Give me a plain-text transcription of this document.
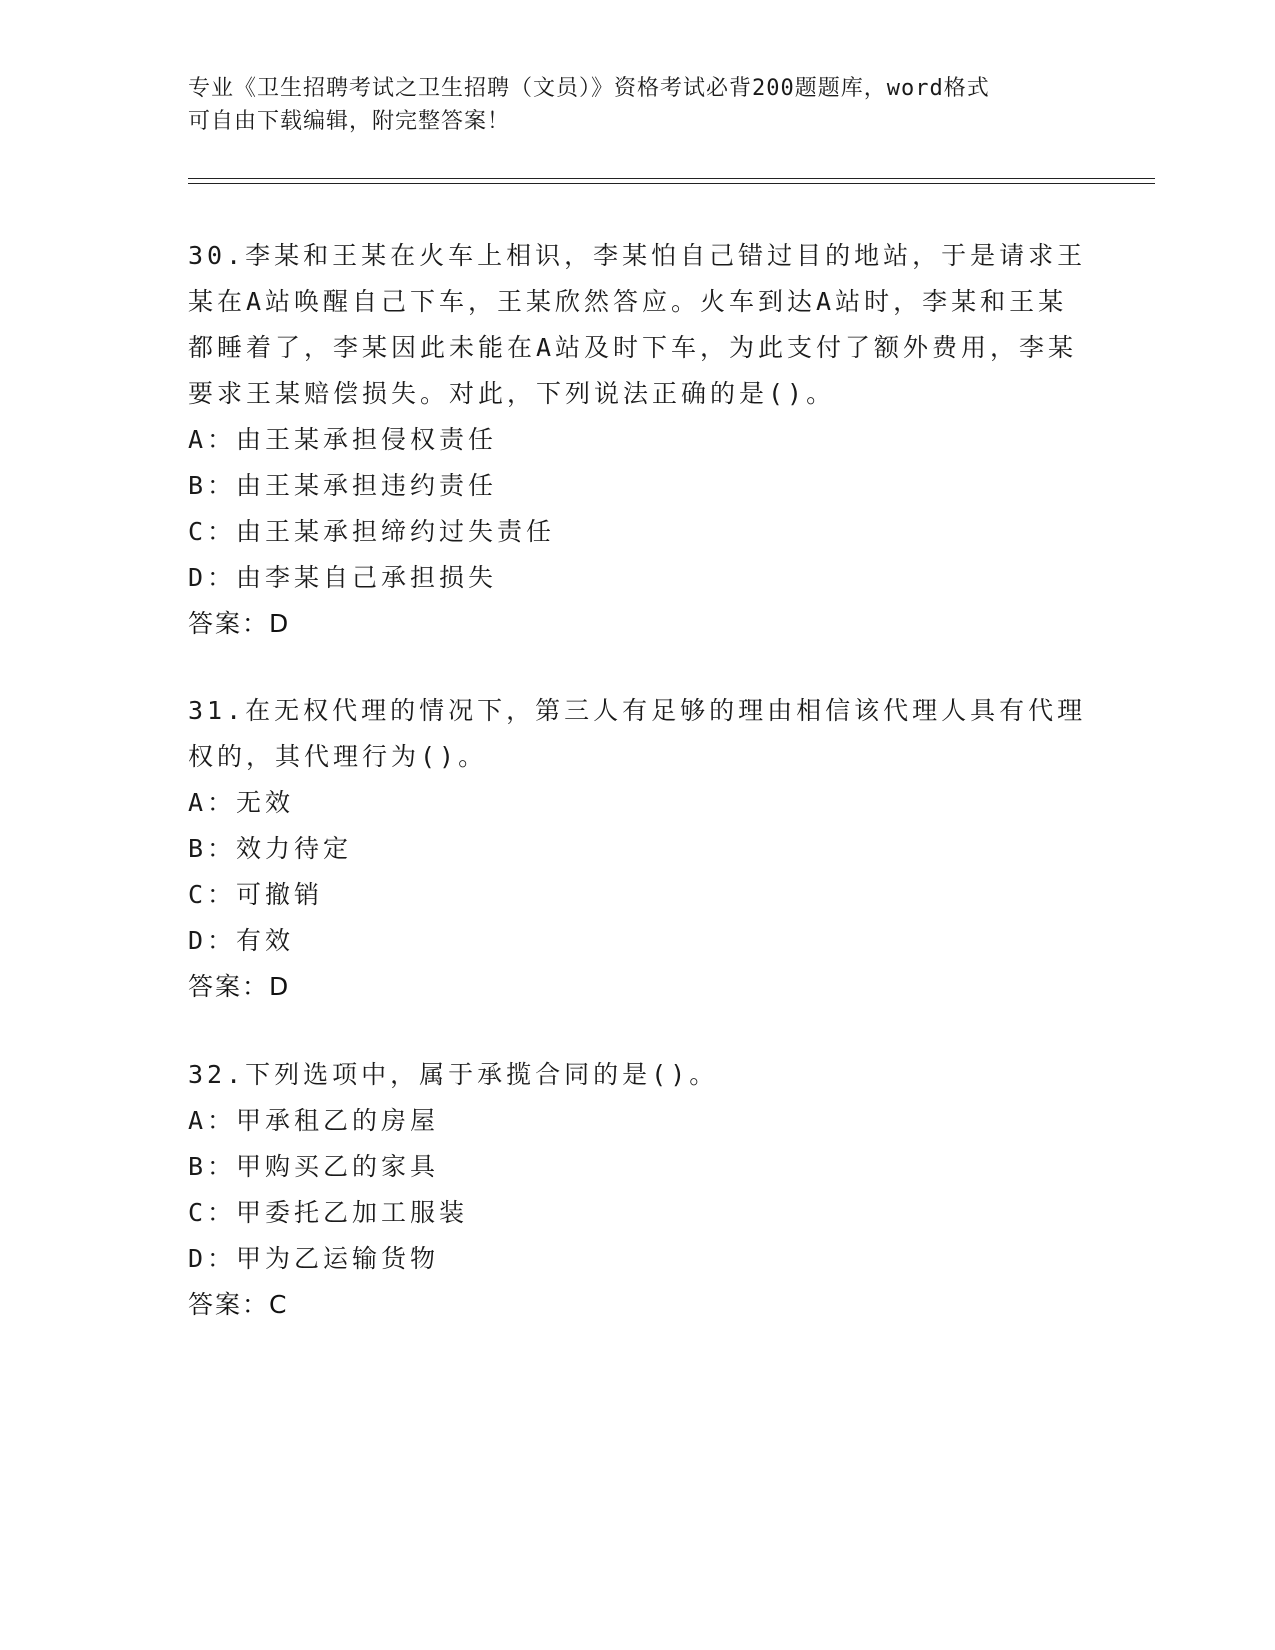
专业《卫生招聘考试之卫生招聘（文员）》资格考试必背200题题库，word格式
可自由下载编辑，附完整答案！
30.李某和王某在火车上相识，李某怕自己错过目的地站，于是请求王某在A站唤醒自己下车，王某欣然答应。火车到达A站时，李某和王某都睡着了，李某因此未能在A站及时下车，为此支付了额外费用，李某要求王某赔偿损失。对此，下列说法正确的是()。
A：由王某承担侵权责任
B：由王某承担违约责任
C：由王某承担缔约过失责任
D：由李某自己承担损失
答案：D
31.在无权代理的情况下，第三人有足够的理由相信该代理人具有代理权的，其代理行为()。
A：无效
B：效力待定
C：可撤销
D：有效
答案：D
32.下列选项中，属于承揽合同的是()。
A：甲承租乙的房屋
B：甲购买乙的家具
C：甲委托乙加工服装
D：甲为乙运输货物
答案：C
